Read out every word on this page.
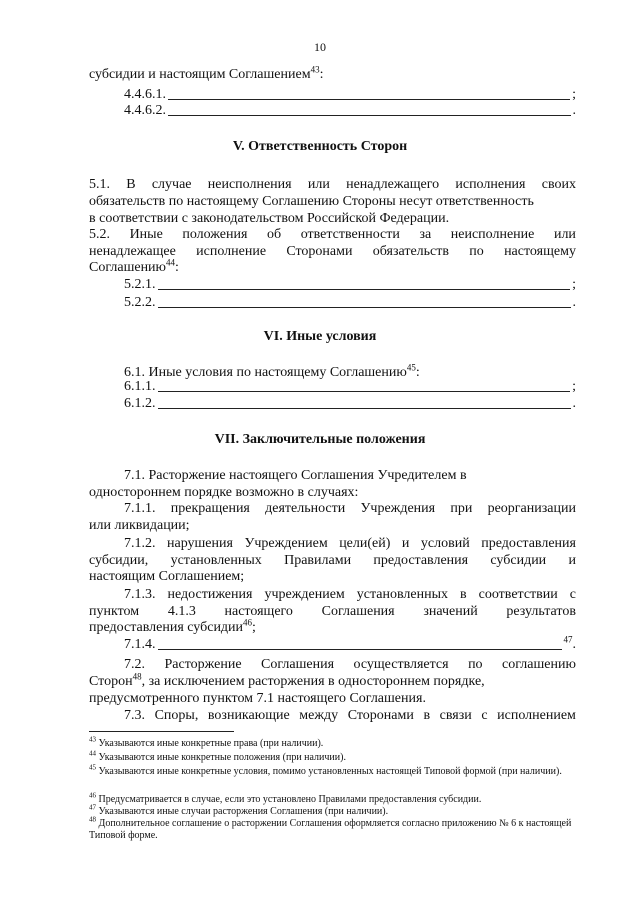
10
субсидии и настоящим Соглашением$^{43}$:
4.4.6.1.	;
4.4.6.2.	.
V. Ответственность Сторон
5.1. В случае неисполнения или ненадлежащего исполнения своих
обязательств по настоящему Соглашению Стороны несут ответственность
в соответствии с законодательством Российской Федерации.
5.2. Иные положения об ответственности за неисполнение или
ненадлежащее исполнение Сторонами обязательств по настоящему
Соглашению$^{44}$:
5.2.1.	;
5.2.2.	.
VI. Иные условия
6.1. Иные условия по настоящему Соглашению$^{45}$:
6.1.1.	;
6.1.2.	.
VII. Заключительные положения
7.1. Расторжение настоящего Соглашения Учредителем в
одностороннем порядке возможно в случаях:
7.1.1. прекращения деятельности Учреждения при реорганизации
или ликвидации;
7.1.2. нарушения Учреждением цели(ей) и условий предоставления
субсидии, установленных Правилами предоставления субсидии и
настоящим Соглашением;
7.1.3. недостижения учреждением установленных в соответствии с
пунктом 4.1.3 настоящего Соглашения значений результатов
предоставления субсидии$^{46}$;
7.1.4.	$^{47}$.
7.2. Расторжение Соглашения осуществляется по соглашению
Сторон$^{48}$, за исключением расторжения в одностороннем порядке,
предусмотренного пунктом 7.1 настоящего Соглашения.
7.3. Споры, возникающие между Сторонами в связи с исполнением
$^{43}$ Указываются иные конкретные права (при наличии).
$^{44}$ Указываются иные конкретные положения (при наличии).
$^{45}$ Указываются иные конкретные условия, помимо установленных настоящей Типовой формой (при наличии).
$^{46}$ Предусматривается в случае, если это установлено Правилами предоставления субсидии.
$^{47}$ Указываются иные случаи расторжения Соглашения (при наличии).
$^{48}$ Дополнительное соглашение о расторжении Соглашения оформляется согласно приложению № 6 к настоящей Типовой форме.
